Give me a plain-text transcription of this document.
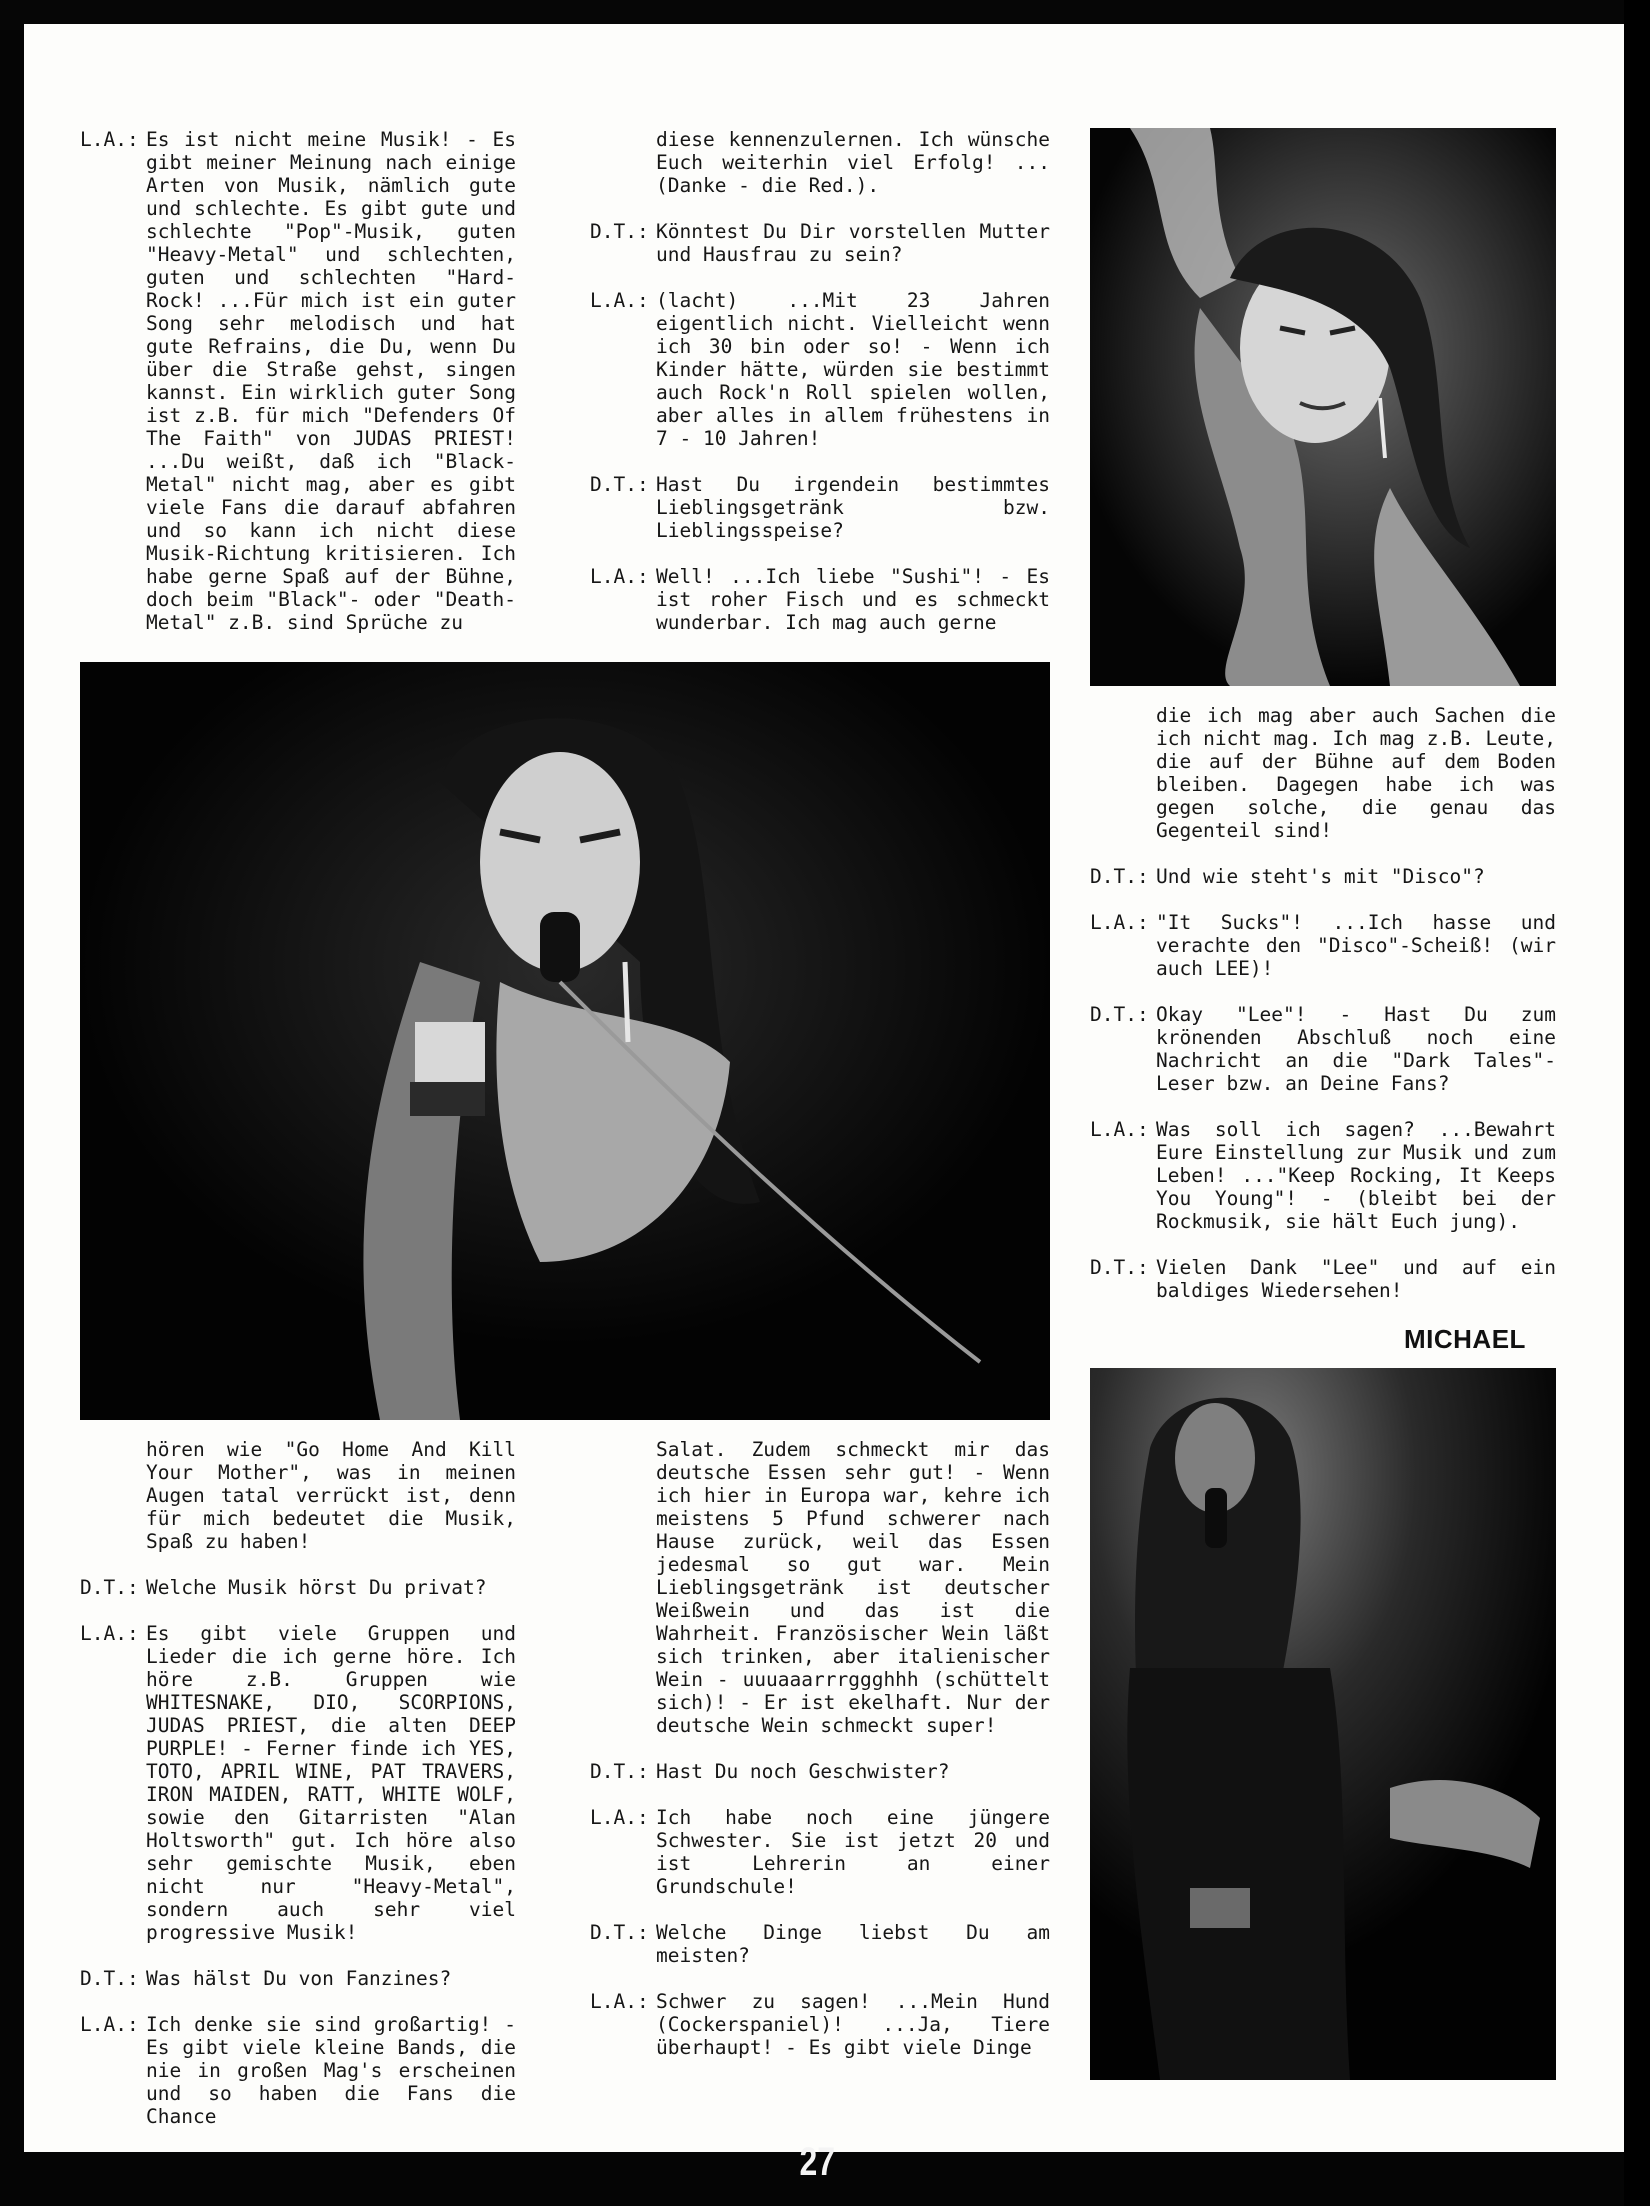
L.A.: Es ist nicht meine Musik! - Es gibt meiner Meinung nach einige Arten von Musik, nämlich gute und schlechte. Es gibt gute und schlechte "Pop"-Musik, guten "Heavy-Metal" und schlechten, guten und schlechten "Hard-Rock! ...Für mich ist ein guter Song sehr melodisch und hat gute Refrains, die Du, wenn Du über die Straße gehst, singen kannst. Ein wirklich guter Song ist z.B. für mich "Defenders Of The Faith" von JUDAS PRIEST! ...Du weißt, daß ich "Black-Metal" nicht mag, aber es gibt viele Fans die darauf abfahren und so kann ich nicht diese Musik-Richtung kritisieren. Ich habe gerne Spaß auf der Bühne, doch beim "Black"- oder "Death-Metal" z.B. sind Sprüche zu
diese kennenzulernen. Ich wünsche Euch weiterhin viel Erfolg! ...(Danke - die Red.).
D.T.: Könntest Du Dir vorstellen Mutter und Hausfrau zu sein?
L.A.: (lacht) ...Mit 23 Jahren eigentlich nicht. Vielleicht wenn ich 30 bin oder so! - Wenn ich Kinder hätte, würden sie bestimmt auch Rock'n Roll spielen wollen, aber alles in allem frühestens in 7 - 10 Jahren!
D.T.: Hast Du irgendein bestimmtes Lieblingsgetränk bzw. Lieblingsspeise?
L.A.: Well! ...Ich liebe "Sushi"! - Es ist roher Fisch und es schmeckt wunderbar. Ich mag auch gerne
die ich mag aber auch Sachen die ich nicht mag. Ich mag z.B. Leute, die auf der Bühne auf dem Boden bleiben. Dagegen habe ich was gegen solche, die genau das Gegenteil sind!
D.T.: Und wie steht's mit "Disco"?
L.A.: "It Sucks"! ...Ich hasse und verachte den "Disco"-Scheiß! (wir auch LEE)!
D.T.: Okay "Lee"! - Hast Du zum krönenden Abschluß noch eine Nachricht an die "Dark Tales"-Leser bzw. an Deine Fans?
L.A.: Was soll ich sagen? ...Bewahrt Eure Einstellung zur Musik und zum Leben! ..."Keep Rocking, It Keeps You Young"! - (bleibt bei der Rockmusik, sie hält Euch jung).
D.T.: Vielen Dank "Lee" und auf ein baldiges Wiedersehen!
MICHAEL
hören wie "Go Home And Kill Your Mother", was in meinen Augen tatal verrückt ist, denn für mich bedeutet die Musik, Spaß zu haben!
D.T.: Welche Musik hörst Du privat?
L.A.: Es gibt viele Gruppen und Lieder die ich gerne höre. Ich höre z.B. Gruppen wie WHITESNAKE, DIO, SCORPIONS, JUDAS PRIEST, die alten DEEP PURPLE! - Ferner finde ich YES, TOTO, APRIL WINE, PAT TRAVERS, IRON MAIDEN, RATT, WHITE WOLF, sowie den Gitarristen "Alan Holtsworth" gut. Ich höre also sehr gemischte Musik, eben nicht nur "Heavy-Metal", sondern auch sehr viel progressive Musik!
D.T.: Was hälst Du von Fanzines?
L.A.: Ich denke sie sind großartig! - Es gibt viele kleine Bands, die nie in großen Mag's erscheinen und so haben die Fans die Chance
Salat. Zudem schmeckt mir das deutsche Essen sehr gut! - Wenn ich hier in Europa war, kehre ich meistens 5 Pfund schwerer nach Hause zurück, weil das Essen jedesmal so gut war. Mein Lieblingsgetränk ist deutscher Weißwein und das ist die Wahrheit. Französischer Wein läßt sich trinken, aber italienischer Wein - uuuaaarrrggghhh (schüttelt sich)! - Er ist ekelhaft. Nur der deutsche Wein schmeckt super!
D.T.: Hast Du noch Geschwister?
L.A.: Ich habe noch eine jüngere Schwester. Sie ist jetzt 20 und ist Lehrerin an einer Grundschule!
D.T.: Welche Dinge liebst Du am meisten?
L.A.: Schwer zu sagen! ...Mein Hund (Cockerspaniel)! ...Ja, Tiere überhaupt! - Es gibt viele Dinge
27
